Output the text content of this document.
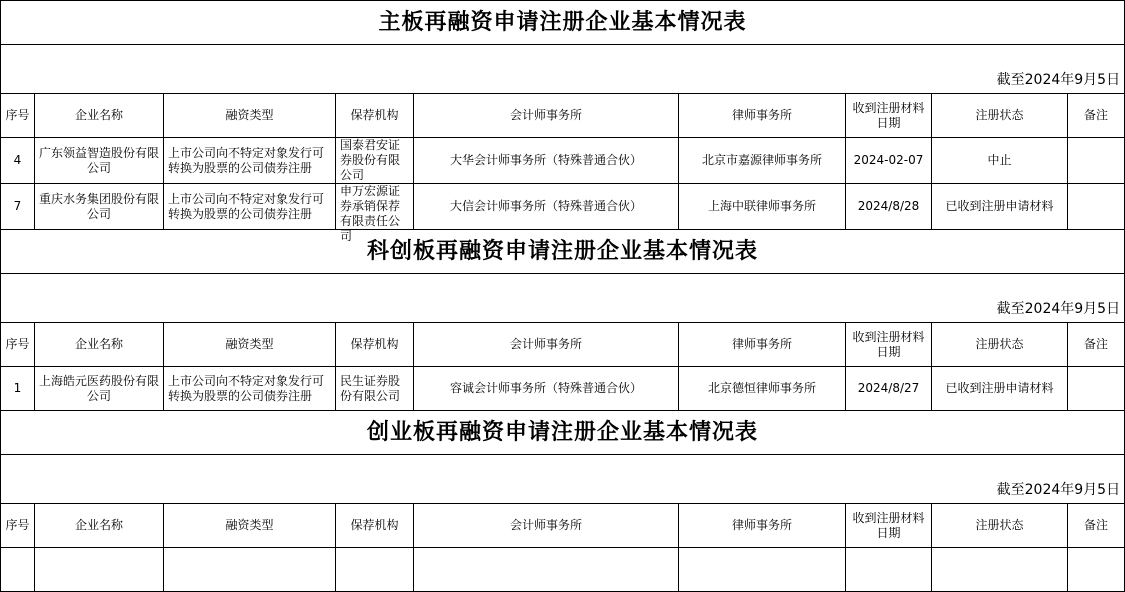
主板再融资申请注册企业基本情况表								
截至2024年9月5日								
序号	企业名称	融资类型	保荐机构	会计师事务所	律师事务所	收到注册材料日期	注册状态	备注
4	广东领益智造股份有限公司	上市公司向不特定对象发行可转换为股票的公司债券注册	国泰君安证券股份有限公司	大华会计师事务所（特殊普通合伙）	北京市嘉源律师事务所	2024-02-07	中止	
7	重庆水务集团股份有限公司	上市公司向不特定对象发行可转换为股票的公司债券注册	申万宏源证券承销保荐有限责任公司	大信会计师事务所（特殊普通合伙）	上海中联律师事务所	2024/8/28	已收到注册申请材料	
科创板再融资申请注册企业基本情况表								
截至2024年9月5日								
序号	企业名称	融资类型	保荐机构	会计师事务所	律师事务所	收到注册材料日期	注册状态	备注
1	上海皓元医药股份有限公司	上市公司向不特定对象发行可转换为股票的公司债券注册	民生证券股份有限公司	容诚会计师事务所（特殊普通合伙）	北京德恒律师事务所	2024/8/27	已收到注册申请材料	
创业板再融资申请注册企业基本情况表								
截至2024年9月5日								
序号	企业名称	融资类型	保荐机构	会计师事务所	律师事务所	收到注册材料日期	注册状态	备注
